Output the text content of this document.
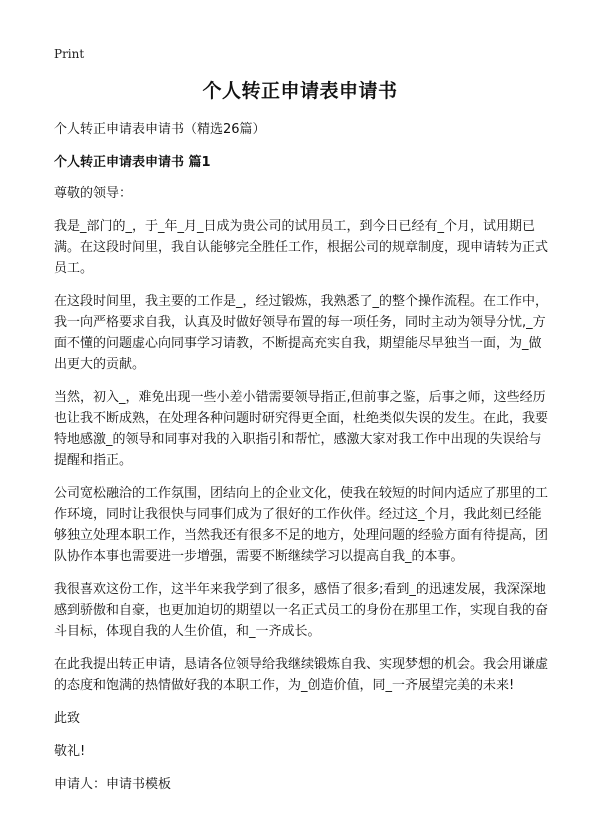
Print
个人转正申请表申请书

个人转正申请表申请书（精选26篇）

个人转正申请表申请书 篇1

尊敬的领导：

我是_部门的_，于_年_月_日成为贵公司的试用员工，到今日已经有_个月，试用期已满。在这段时间里，我自认能够完全胜任工作，根据公司的规章制度，现申请转为正式员工。

在这段时间里，我主要的工作是_，经过锻炼，我熟悉了_的整个操作流程。在工作中，我一向严格要求自我，认真及时做好领导布置的每一项任务，同时主动为领导分忧,_方面不懂的问题虚心向同事学习请教，不断提高充实自我，期望能尽早独当一面，为_做出更大的贡献。

当然，初入_，难免出现一些小差小错需要领导指正,但前事之鉴，后事之师，这些经历也让我不断成熟，在处理各种问题时研究得更全面，杜绝类似失误的发生。在此，我要特地感激_的领导和同事对我的入职指引和帮忙，感激大家对我工作中出现的失误给与提醒和指正。

公司宽松融洽的工作氛围，团结向上的企业文化，使我在较短的时间内适应了那里的工作环境，同时让我很快与同事们成为了很好的工作伙伴。经过这_个月，我此刻已经能够独立处理本职工作，当然我还有很多不足的地方，处理问题的经验方面有待提高，团队协作本事也需要进一步增强，需要不断继续学习以提高自我_的本事。

我很喜欢这份工作，这半年来我学到了很多，感悟了很多;看到_的迅速发展，我深深地感到骄傲和自豪，也更加迫切的期望以一名正式员工的身份在那里工作，实现自我的奋斗目标，体现自我的人生价值，和_一齐成长。

在此我提出转正申请，恳请各位领导给我继续锻炼自我、实现梦想的机会。我会用谦虚的态度和饱满的热情做好我的本职工作，为_创造价值，同_一齐展望完美的未来!

此致

敬礼!

申请人：申请书模板
